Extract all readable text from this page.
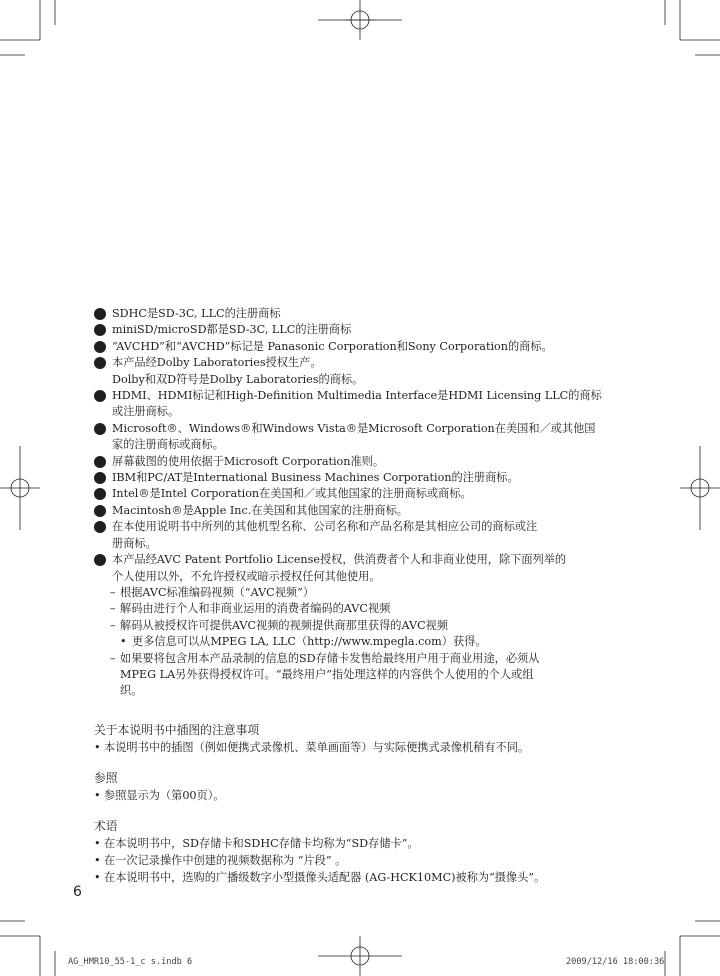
SDHC是SD-3C, LLC的注册商标
miniSD/microSD都是SD-3C, LLC的注册商标
“AVCHD”和“AVCHD”标记是 Panasonic Corporation和Sony Corporation的商标。
本产品经Dolby Laboratories授权生产。
Dolby和双D符号是Dolby Laboratories的商标。
HDMI、HDMI标记和High-Definition Multimedia Interface是HDMI Licensing LLC的商标
或注册商标。
Microsoft®、Windows®和Windows Vista®是Microsoft Corporation在美国和／或其他国
家的注册商标或商标。
屏幕截图的使用依据于Microsoft Corporation准则。
IBM和PC/AT是International Business Machines Corporation的注册商标。
Intel®是Intel Corporation在美国和／或其他国家的注册商标或商标。
Macintosh®是Apple Inc.在美国和其他国家的注册商标。
在本使用说明书中所列的其他机型名称、公司名称和产品名称是其相应公司的商标或注
册商标。
本产品经AVC Patent Portfolio License授权，供消费者个人和非商业使用，除下面列举的
个人使用以外，不允许授权或暗示授权任何其他使用。
– 根据AVC标准编码视频（“AVC视频”）
– 解码由进行个人和非商业运用的消费者编码的AVC视频
– 解码从被授权许可提供AVC视频的视频提供商那里获得的AVC视频
• 更多信息可以从MPEG LA, LLC（http://www.mpegla.com）获得。
– 如果要将包含用本产品录制的信息的SD存储卡发售给最终用户用于商业用途，必须从
MPEG LA另外获得授权许可。“最终用户”指处理这样的内容供个人使用的个人或组
织。
关于本说明书中插图的注意事项
• 本说明书中的插图（例如便携式录像机、菜单画面等）与实际便携式录像机稍有不同。
参照
• 参照显示为（第00页）。
术语
• 在本说明书中，SD存储卡和SDHC存储卡均称为“SD存储卡”。
• 在一次记录操作中创建的视频数据称为 “片段” 。
• 在本说明书中，选购的广播级数字小型摄像头适配器 (AG-HCK10MC)被称为“摄像头”。
6
AG_HMR10_55-1_c s.indb 6	2009/12/16 18:00:36
